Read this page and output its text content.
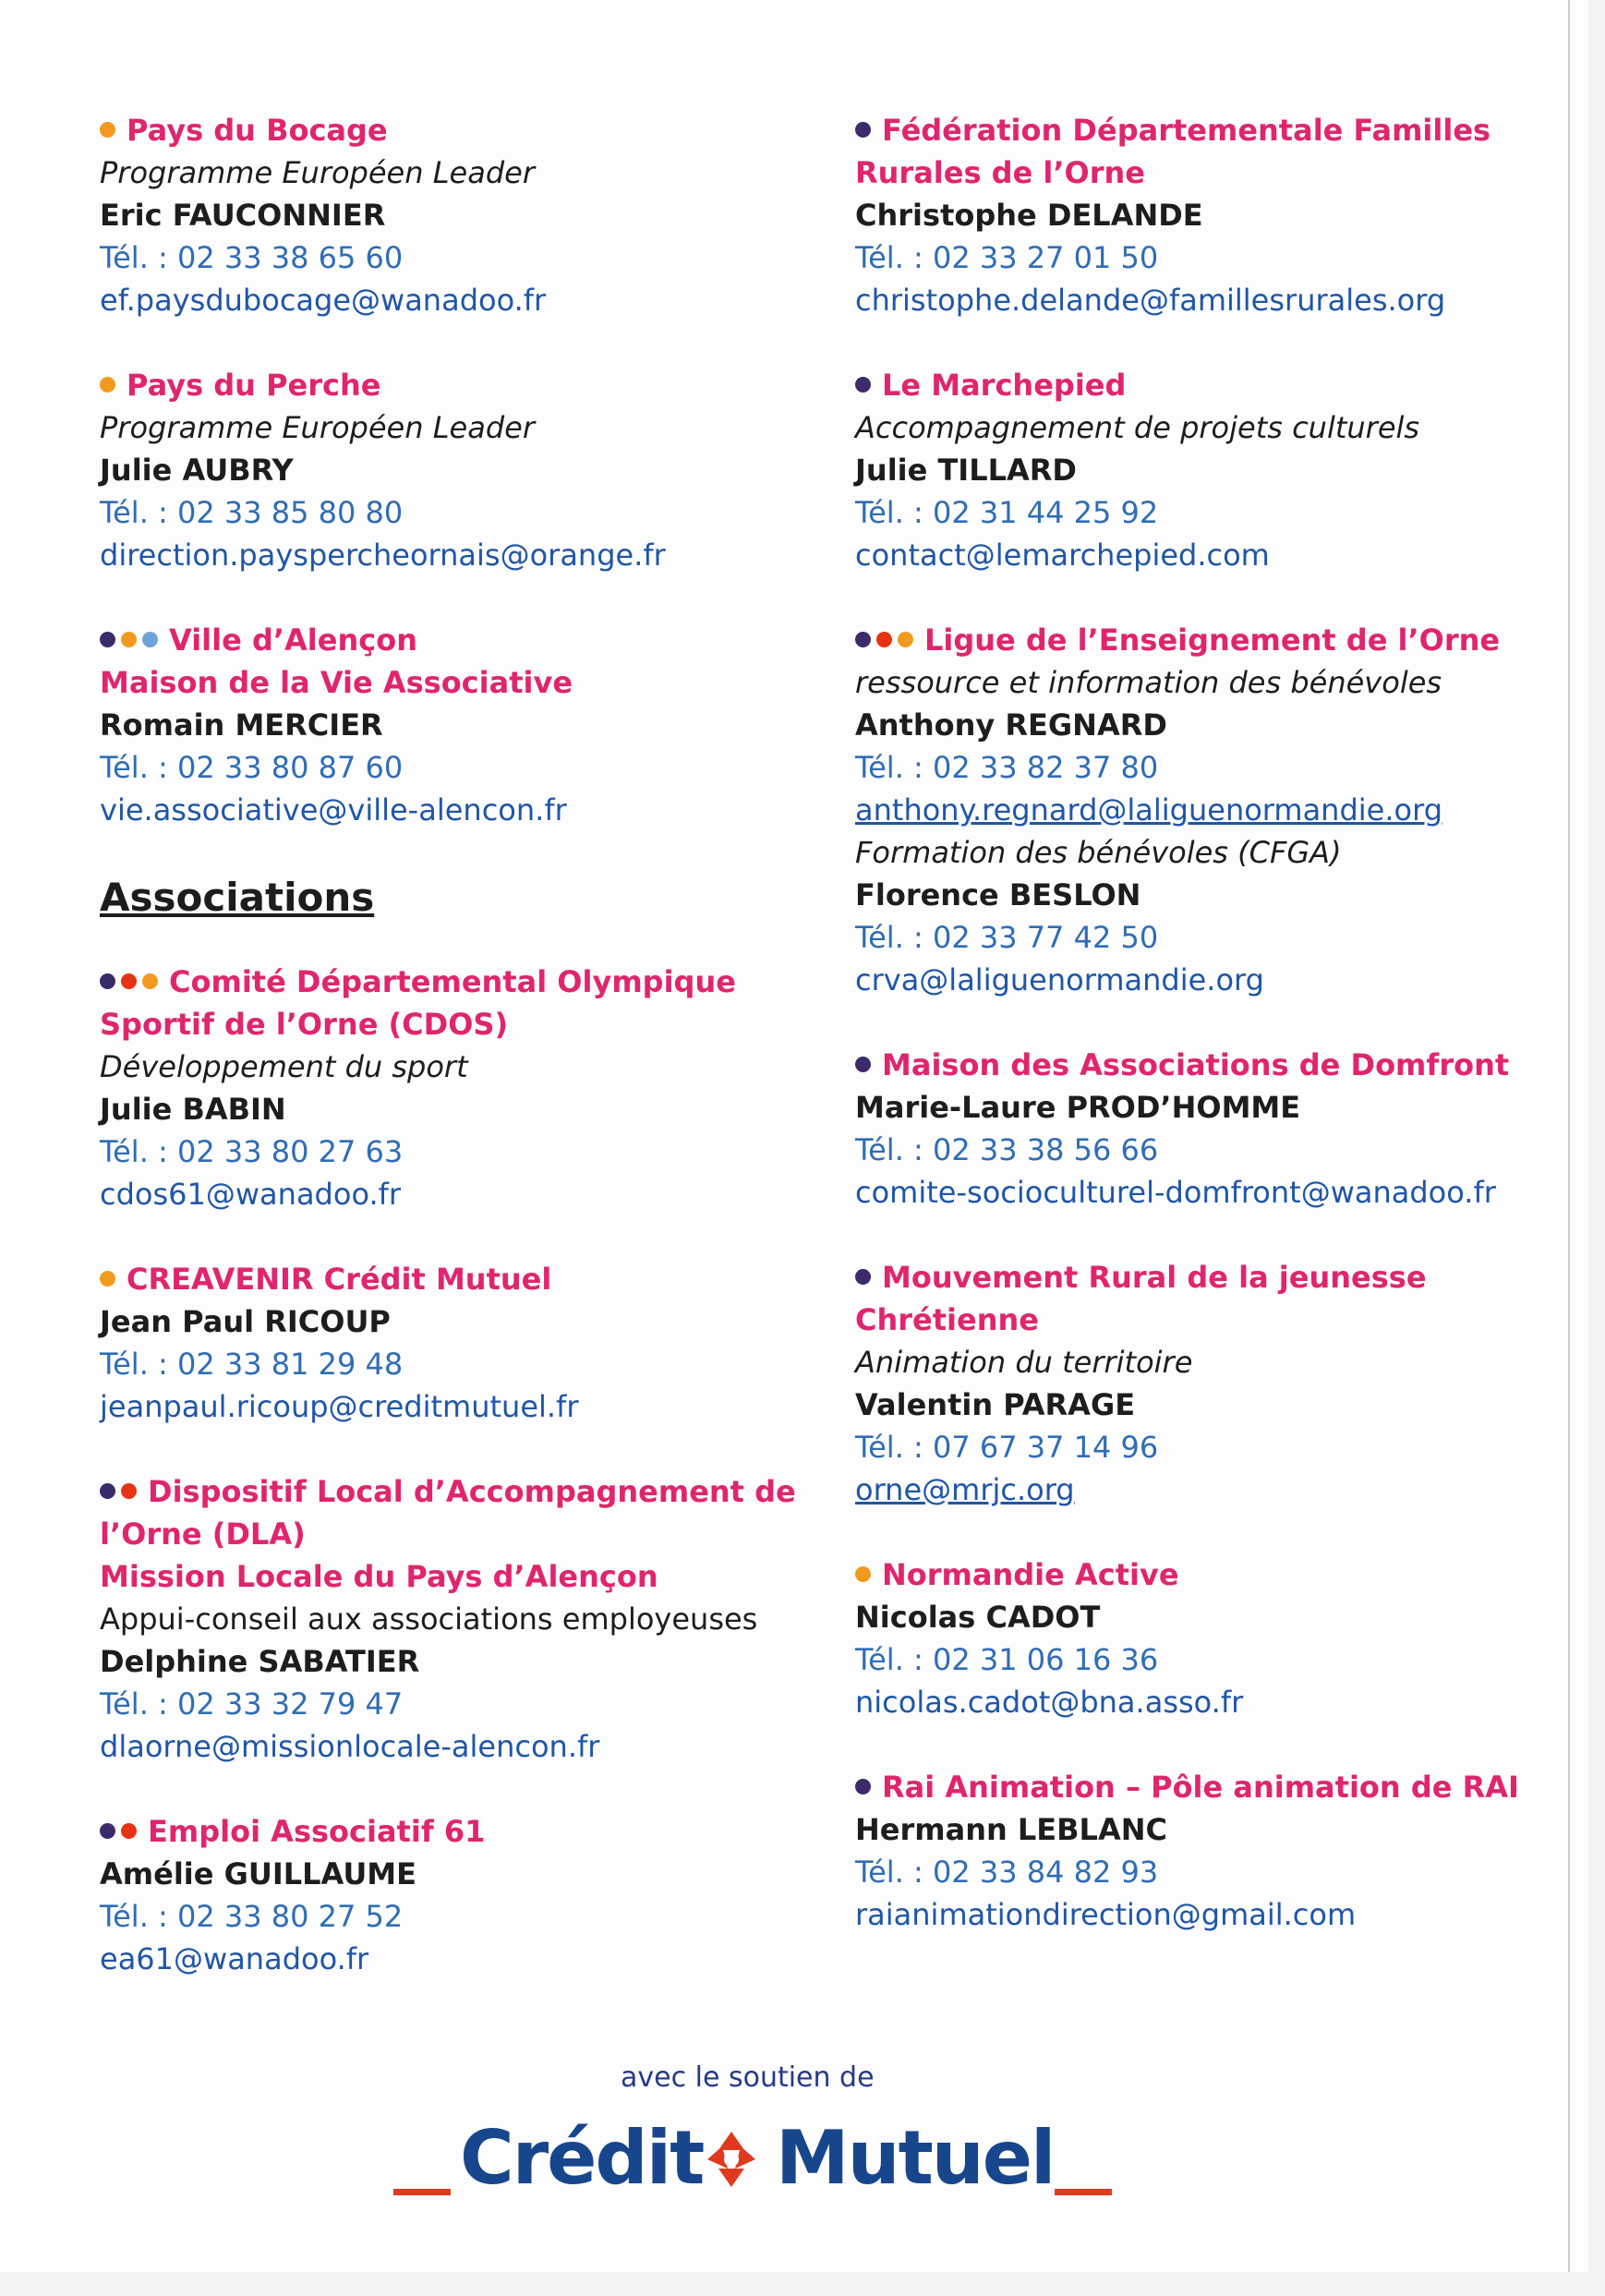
Pays du Bocage
Programme Européen Leader
Eric FAUCONNIER
Tél. : 02 33 38 65 60
ef.paysdubocage@wanadoo.fr
Pays du Perche
Programme Européen Leader
Julie AUBRY
Tél. : 02 33 85 80 80
direction.payspercheornais@orange.fr
Ville d’Alençon
Maison de la Vie Associative
Romain MERCIER
Tél. : 02 33 80 87 60
vie.associative@ville-alencon.fr
Associations
Comité Départemental Olympique Sportif de l’Orne (CDOS)
Développement du sport
Julie BABIN
Tél. : 02 33 80 27 63
cdos61@wanadoo.fr
CREAVENIR Crédit Mutuel
Jean Paul RICOUP
Tél. : 02 33 81 29 48
jeanpaul.ricoup@creditmutuel.fr
Dispositif Local d’Accompagnement de l’Orne (DLA)
Mission Locale du Pays d’Alençon
Appui-conseil aux associations employeuses
Delphine SABATIER
Tél. : 02 33 32 79 47
dlaorne@missionlocale-alencon.fr
Emploi Associatif 61
Amélie GUILLAUME
Tél. : 02 33 80 27 52
ea61@wanadoo.fr
Fédération Départementale Familles Rurales de l’Orne
Christophe DELANDE
Tél. : 02 33 27 01 50
christophe.delande@famillesrurales.org
Le Marchepied
Accompagnement de projets culturels
Julie TILLARD
Tél. : 02 31 44 25 92
contact@lemarchepied.com
Ligue de l’Enseignement de l’Orne
ressource et information des bénévoles
Anthony REGNARD
Tél. : 02 33 82 37 80
anthony.regnard@laliguenormandie.org
Formation des bénévoles (CFGA)
Florence BESLON
Tél. : 02 33 77 42 50
crva@laliguenormandie.org
Maison des Associations de Domfront
Marie-Laure PROD’HOMME
Tél. : 02 33 38 56 66
comite-socioculturel-domfront@wanadoo.fr
Mouvement Rural de la jeunesse Chrétienne
Animation du territoire
Valentin PARAGE
Tél. : 07 67 37 14 96
orne@mrjc.org
Normandie Active
Nicolas CADOT
Tél. : 02 31 06 16 36
nicolas.cadot@bna.asso.fr
Rai Animation – Pôle animation de RAI
Hermann LEBLANC
Tél. : 02 33 84 82 93
raianimationdirection@gmail.com
avec le soutien de
Crédit Mutuel
